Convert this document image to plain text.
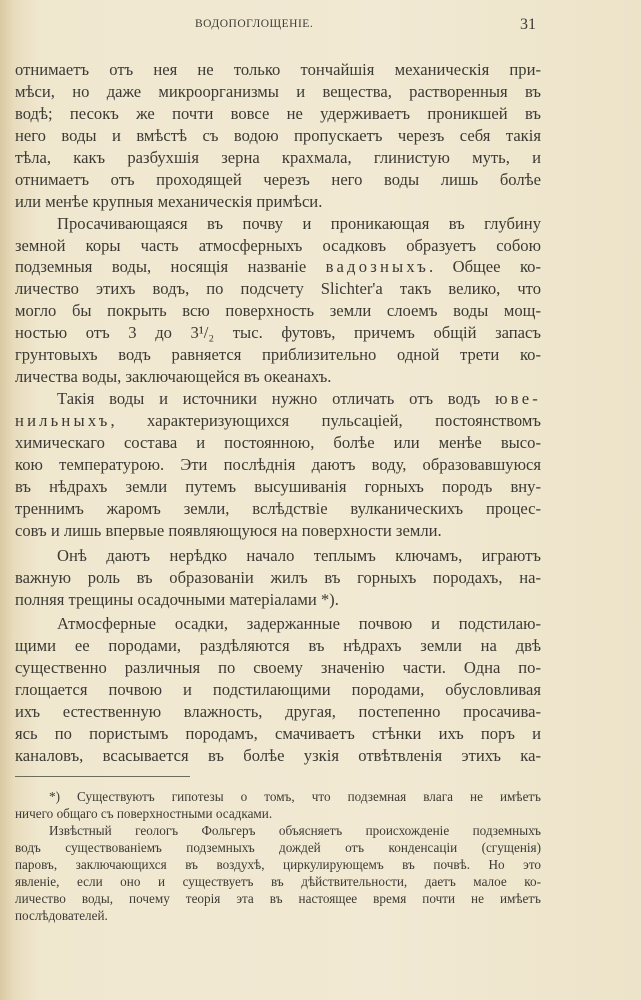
ВОДОПОГЛОЩЕНІЕ.	31
отнимаетъ отъ нея не только тончайшія механическія при-
мѣси, но даже микроорганизмы и вещества, растворенныя въ
водѣ; песокъ же почти вовсе не удерживаетъ проникшей въ
него воды и вмѣстѣ съ водою пропускаетъ черезъ себя такія
тѣла, какъ разбухшія зерна крахмала, глинистую муть, и
отнимаетъ отъ проходящей черезъ него воды лишь болѣе
или менѣе крупныя механическія примѣси.
Просачивающаяся въ почву и проникающая въ глубину
земной коры часть атмосферныхъ осадковъ образуетъ собою
подземныя воды, носящія названіе вадозныхъ. Общее ко-
личество этихъ водъ, по подсчету Slichter'а такъ велико, что
могло бы покрыть всю поверхность земли слоемъ воды мощ-
ностью отъ 3 до 3¹/₂ тыс. футовъ, причемъ общій запасъ
грунтовыхъ водъ равняется приблизительно одной трети ко-
личества воды, заключающейся въ океанахъ.
Такія воды и источники нужно отличать отъ водъ юве-
нильныхъ, характеризующихся пульсаціей, постоянствомъ
химическаго состава и постоянною, болѣе или менѣе высо-
кою температурою. Эти послѣднія даютъ воду, образовавшуюся
въ нѣдрахъ земли путемъ высушиванія горныхъ породъ вну-
треннимъ жаромъ земли, вслѣдствіе вулканическихъ процес-
совъ и лишь впервые появляющуюся на поверхности земли.
Онѣ даютъ нерѣдко начало теплымъ ключамъ, играютъ
важную роль въ образованіи жилъ въ горныхъ породахъ, на-
полняя трещины осадочными матеріалами *).
Атмосферные осадки, задержанные почвою и подстилаю-
щими ее породами, раздѣляются въ нѣдрахъ земли на двѣ
существенно различныя по своему значенію части. Одна по-
глощается почвою и подстилающими породами, обусловливая
ихъ естественную влажность, другая, постепенно просачива-
ясь по пористымъ породамъ, смачиваетъ стѣнки ихъ поръ и
каналовъ, всасывается въ болѣе узкія отвѣтвленія этихъ ка-
*) Существуютъ гипотезы о томъ, что подземная влага не имѣетъ
ничего общаго съ поверхностными осадками.
Извѣстный геологъ Фольгеръ объясняетъ происхожденіе подземныхъ
водъ существованіемъ подземныхъ дождей отъ конденсаціи (сгущенія)
паровъ, заключающихся въ воздухѣ, циркулирующемъ въ почвѣ. Но это
явленіе, если оно и существуетъ въ дѣйствительности, даетъ малое ко-
личество воды, почему теорія эта въ настоящее время почти не имѣетъ
послѣдователей.
